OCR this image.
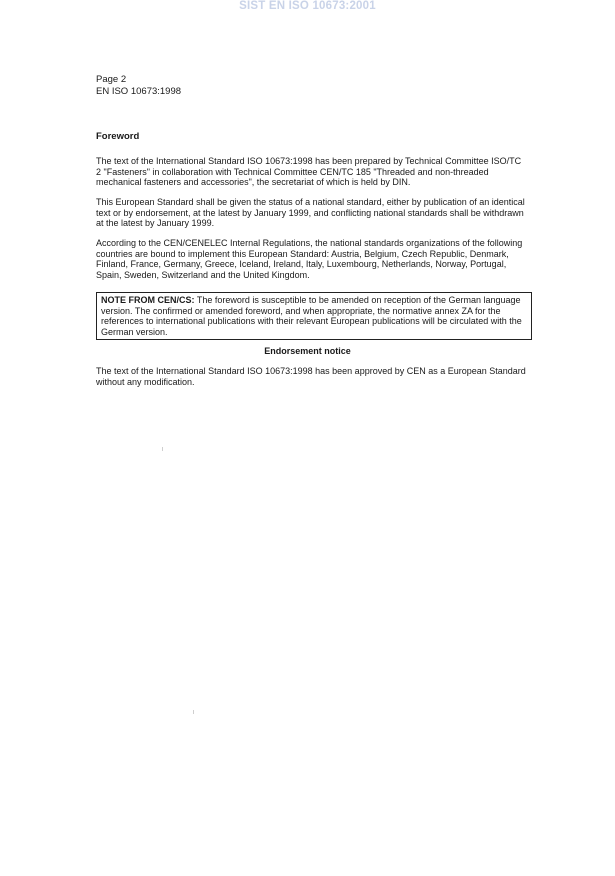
SIST EN ISO 10673:2001
Page 2
EN ISO 10673:1998
Foreword

The text of the International Standard ISO 10673:1998 has been prepared by Technical Committee ISO/TC 2 "Fasteners" in collaboration with Technical Committee CEN/TC 185 "Threaded and non-threaded mechanical fasteners and accessories", the secretariat of which is held by DIN.

This European Standard shall be given the status of a national standard, either by publication of an identical text or by endorsement, at the latest by January 1999, and conflicting national standards shall be withdrawn at the latest by January 1999.

According to the CEN/CENELEC Internal Regulations, the national standards organizations of the following countries are bound to implement this European Standard: Austria, Belgium, Czech Republic, Denmark, Finland, France, Germany, Greece, Iceland, Ireland, Italy, Luxembourg, Netherlands, Norway, Portugal, Spain, Sweden, Switzerland and the United Kingdom.

NOTE FROM CEN/CS: The foreword is susceptible to be amended on reception of the German language version. The confirmed or amended foreword, and when appropriate, the normative annex ZA for the references to international publications with their relevant European publications will be circulated with the German version.
Endorsement notice

The text of the International Standard ISO 10673:1998 has been approved by CEN as a European Standard without any modification.
